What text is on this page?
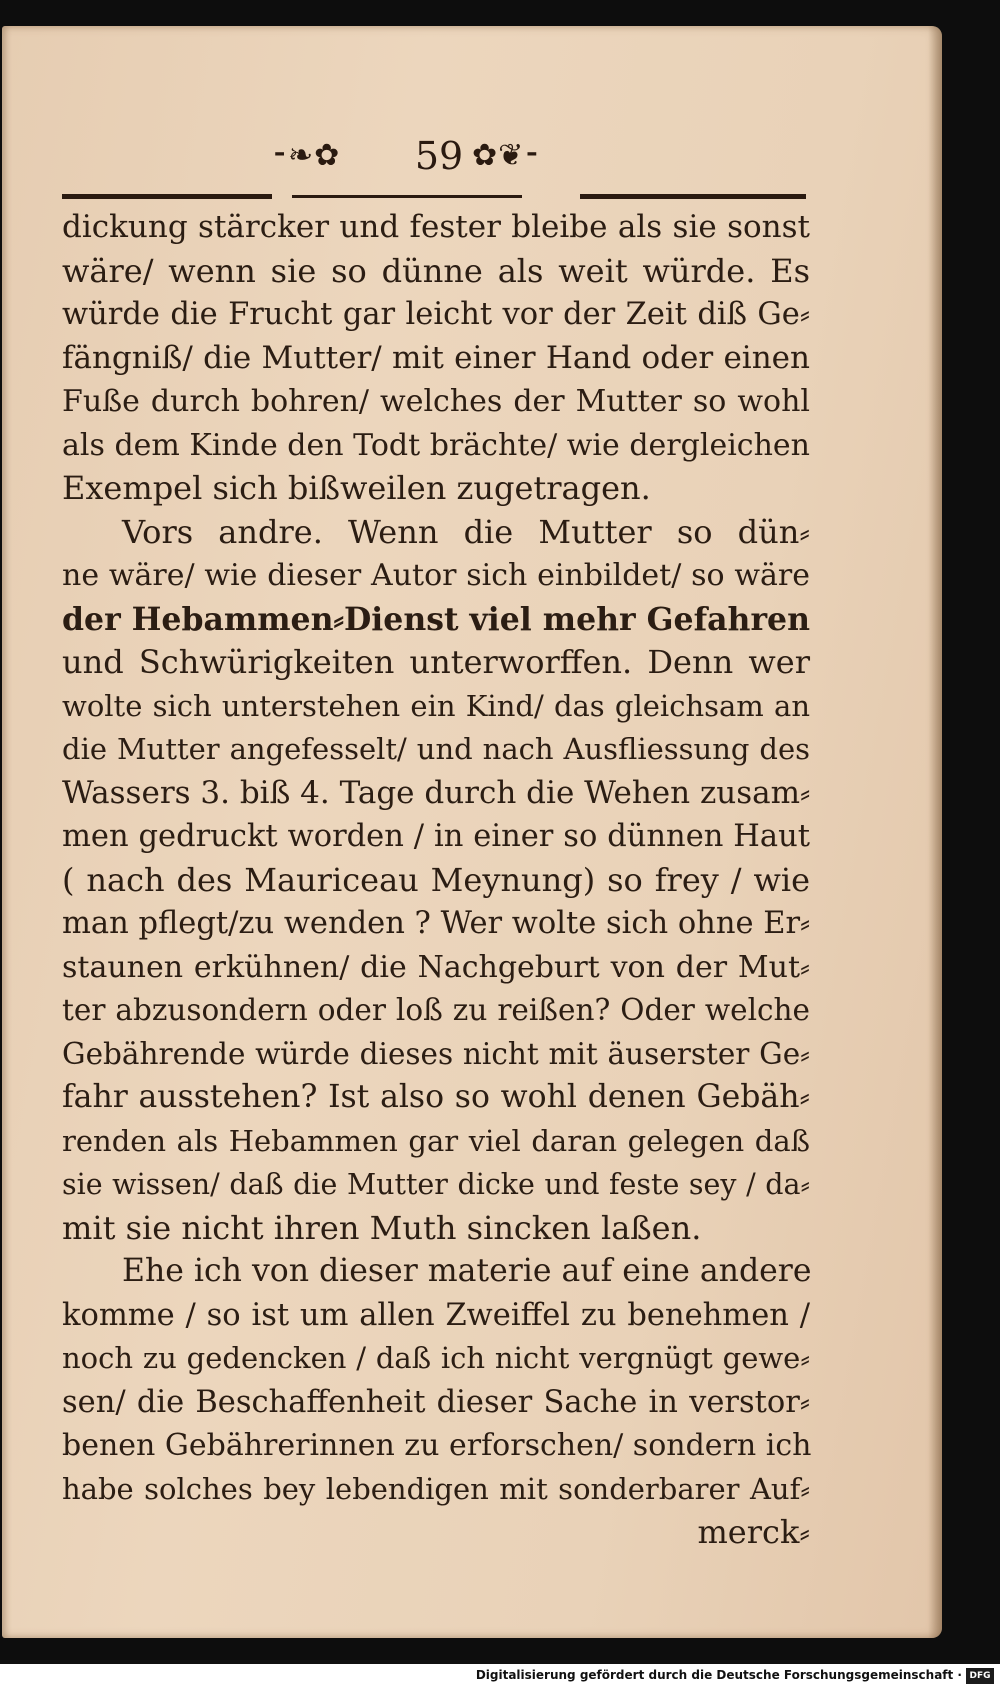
⁃❧✿	59 ✿❦⁃
dickung stärcker und fester bleibe als sie sonst
wäre/ wenn sie so dünne als weit würde. Es
würde die Frucht gar leicht vor der Zeit diß Ge⸗
fängniß/ die Mutter/ mit einer Hand oder einen
Fuße durch bohren/ welches der Mutter so wohl
als dem Kinde den Todt brächte/ wie dergleichen
Exempel sich bißweilen zugetragen.
Vors andre. Wenn die Mutter so dün⸗
ne wäre/ wie dieser Autor sich einbildet/ so wäre
der Hebammen⸗Dienst viel mehr Gefahren
und Schwürigkeiten unterworffen. Denn wer
wolte sich unterstehen ein Kind/ das gleichsam an
die Mutter angefesselt/ und nach Ausfliessung des
Wassers 3. biß 4. Tage durch die Wehen zusam⸗
men gedruckt worden / in einer so dünnen Haut
( nach des Mauriceau Meynung) so frey / wie
man pflegt/zu wenden ? Wer wolte sich ohne Er⸗
staunen erkühnen/ die Nachgeburt von der Mut⸗
ter abzusondern oder loß zu reißen? Oder welche
Gebährende würde dieses nicht mit äuserster Ge⸗
fahr ausstehen? Ist also so wohl denen Gebäh⸗
renden als Hebammen gar viel daran gelegen daß
sie wissen/ daß die Mutter dicke und feste sey / da⸗
mit sie nicht ihren Muth sincken laßen.
Ehe ich von dieser materie auf eine andere
komme / so ist um allen Zweiffel zu benehmen /
noch zu gedencken / daß ich nicht vergnügt gewe⸗
sen/ die Beschaffenheit dieser Sache in verstor⸗
benen Gebährerinnen zu erforschen/ sondern ich
habe solches bey lebendigen mit sonderbarer Auf⸗
merck⸗
Digitalisierung gefördert durch die Deutsche Forschungsgemeinschaft · DFG
